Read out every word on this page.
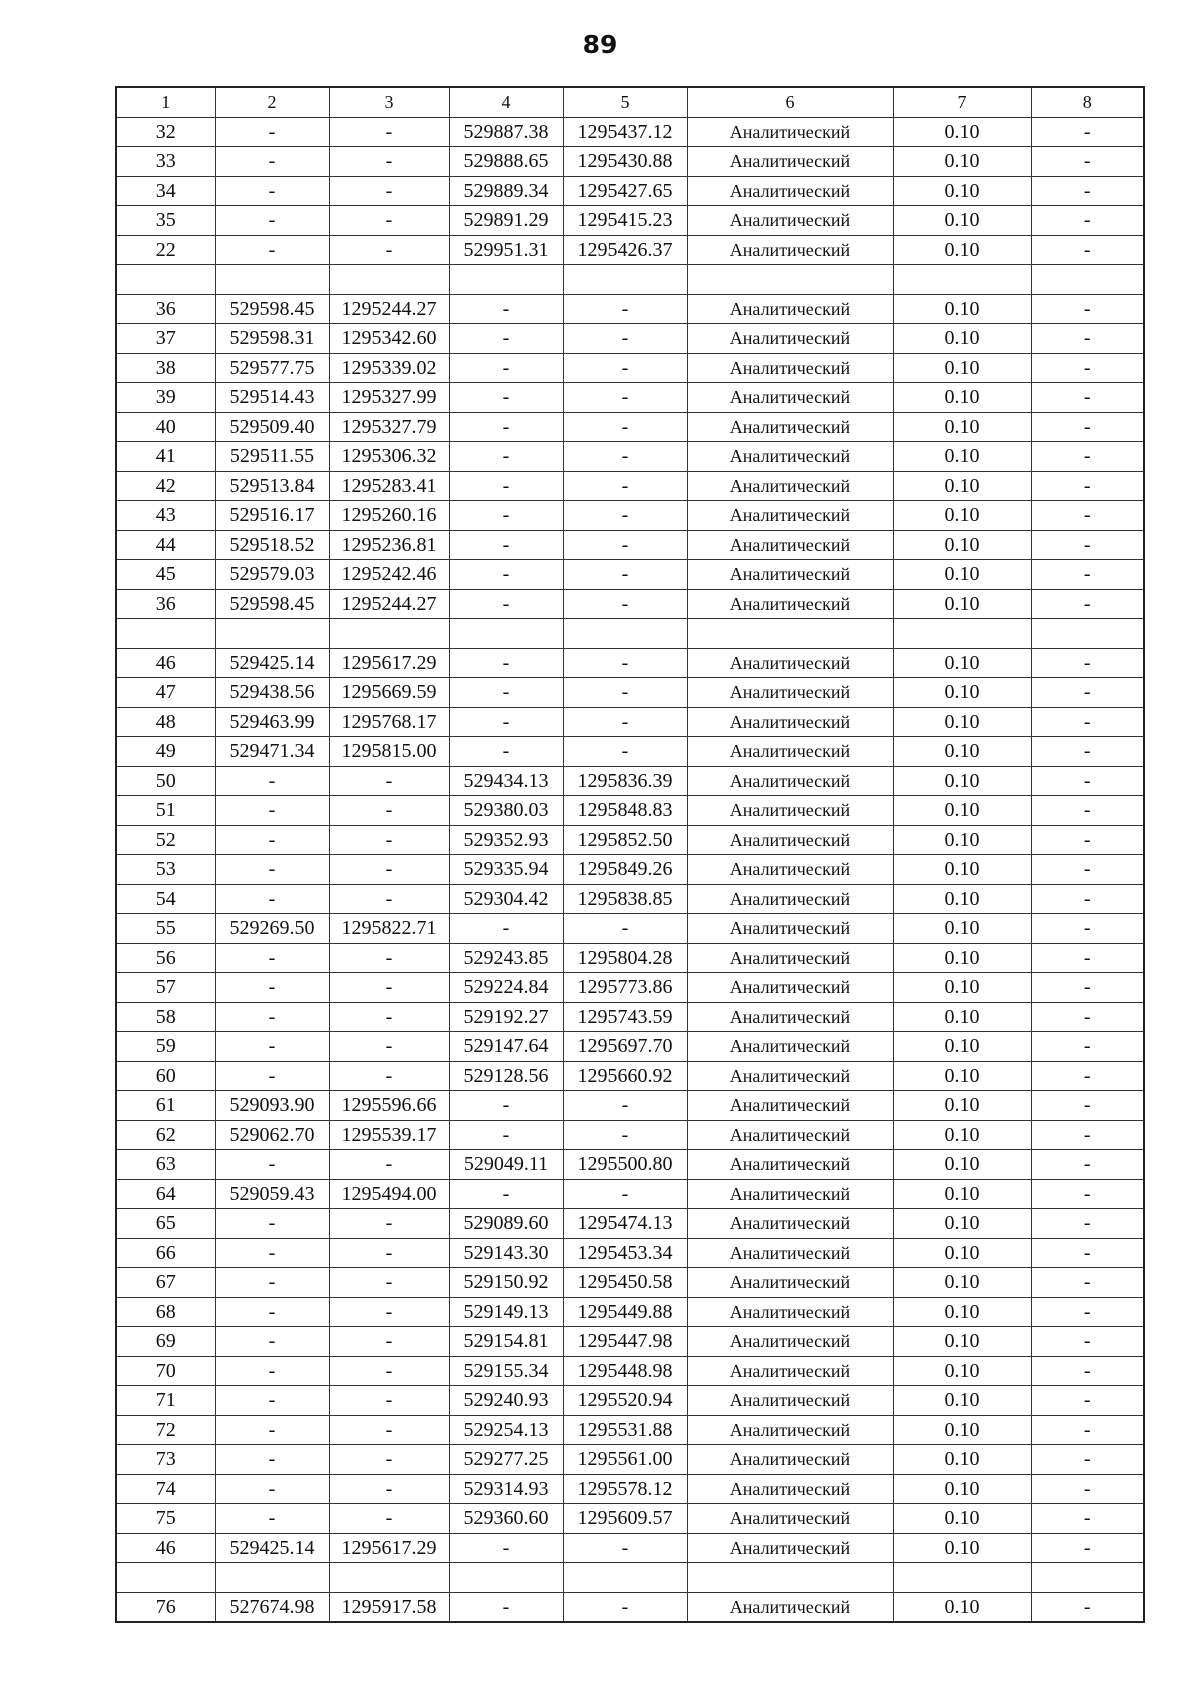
89
1	2	3	4	5	6	7	8
32	-	-	529887.38	1295437.12	Аналитический	0.10	-
33	-	-	529888.65	1295430.88	Аналитический	0.10	-
34	-	-	529889.34	1295427.65	Аналитический	0.10	-
35	-	-	529891.29	1295415.23	Аналитический	0.10	-
22	-	-	529951.31	1295426.37	Аналитический	0.10	-

36	529598.45	1295244.27	-	-	Аналитический	0.10	-
37	529598.31	1295342.60	-	-	Аналитический	0.10	-
38	529577.75	1295339.02	-	-	Аналитический	0.10	-
39	529514.43	1295327.99	-	-	Аналитический	0.10	-
40	529509.40	1295327.79	-	-	Аналитический	0.10	-
41	529511.55	1295306.32	-	-	Аналитический	0.10	-
42	529513.84	1295283.41	-	-	Аналитический	0.10	-
43	529516.17	1295260.16	-	-	Аналитический	0.10	-
44	529518.52	1295236.81	-	-	Аналитический	0.10	-
45	529579.03	1295242.46	-	-	Аналитический	0.10	-
36	529598.45	1295244.27	-	-	Аналитический	0.10	-

46	529425.14	1295617.29	-	-	Аналитический	0.10	-
47	529438.56	1295669.59	-	-	Аналитический	0.10	-
48	529463.99	1295768.17	-	-	Аналитический	0.10	-
49	529471.34	1295815.00	-	-	Аналитический	0.10	-
50	-	-	529434.13	1295836.39	Аналитический	0.10	-
51	-	-	529380.03	1295848.83	Аналитический	0.10	-
52	-	-	529352.93	1295852.50	Аналитический	0.10	-
53	-	-	529335.94	1295849.26	Аналитический	0.10	-
54	-	-	529304.42	1295838.85	Аналитический	0.10	-
55	529269.50	1295822.71	-	-	Аналитический	0.10	-
56	-	-	529243.85	1295804.28	Аналитический	0.10	-
57	-	-	529224.84	1295773.86	Аналитический	0.10	-
58	-	-	529192.27	1295743.59	Аналитический	0.10	-
59	-	-	529147.64	1295697.70	Аналитический	0.10	-
60	-	-	529128.56	1295660.92	Аналитический	0.10	-
61	529093.90	1295596.66	-	-	Аналитический	0.10	-
62	529062.70	1295539.17	-	-	Аналитический	0.10	-
63	-	-	529049.11	1295500.80	Аналитический	0.10	-
64	529059.43	1295494.00	-	-	Аналитический	0.10	-
65	-	-	529089.60	1295474.13	Аналитический	0.10	-
66	-	-	529143.30	1295453.34	Аналитический	0.10	-
67	-	-	529150.92	1295450.58	Аналитический	0.10	-
68	-	-	529149.13	1295449.88	Аналитический	0.10	-
69	-	-	529154.81	1295447.98	Аналитический	0.10	-
70	-	-	529155.34	1295448.98	Аналитический	0.10	-
71	-	-	529240.93	1295520.94	Аналитический	0.10	-
72	-	-	529254.13	1295531.88	Аналитический	0.10	-
73	-	-	529277.25	1295561.00	Аналитический	0.10	-
74	-	-	529314.93	1295578.12	Аналитический	0.10	-
75	-	-	529360.60	1295609.57	Аналитический	0.10	-
46	529425.14	1295617.29	-	-	Аналитический	0.10	-

76	527674.98	1295917.58	-	-	Аналитический	0.10	-
